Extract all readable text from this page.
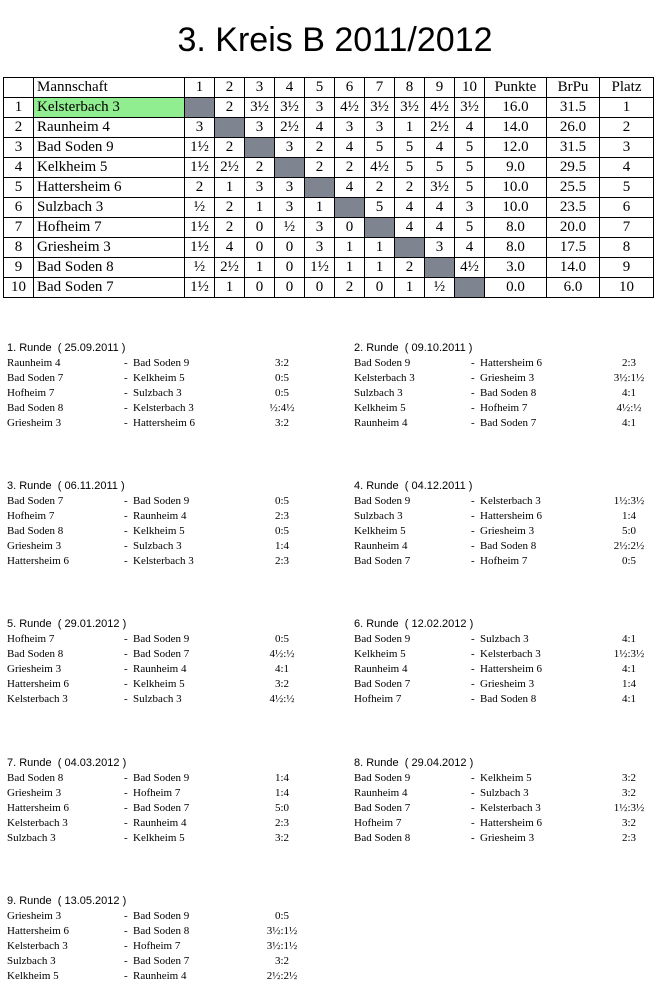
3. Kreis B 2011/2012
	Mannschaft	1	2	3	4	5	6	7	8	9	10	Punkte	BrPu	Platz
1	Kelsterbach 3		2	3½	3½	3	4½	3½	3½	4½	3½	16.0	31.5	1
2	Raunheim 4	3		3	2½	4	3	3	1	2½	4	14.0	26.0	2
3	Bad Soden 9	1½	2		3	2	4	5	5	4	5	12.0	31.5	3
4	Kelkheim 5	1½	2½	2		2	2	4½	5	5	5	9.0	29.5	4
5	Hattersheim 6	2	1	3	3		4	2	2	3½	5	10.0	25.5	5
6	Sulzbach 3	½	2	1	3	1		5	4	4	3	10.0	23.5	6
7	Hofheim 7	1½	2	0	½	3	0		4	4	5	8.0	20.0	7
8	Griesheim 3	1½	4	0	0	3	1	1		3	4	8.0	17.5	8
9	Bad Soden 8	½	2½	1	0	1½	1	1	2		4½	3.0	14.0	9
10	Bad Soden 7	1½	1	0	0	0	2	0	1	½		0.0	6.0	10
1. Runde  ( 25.09.2011 )
Raunheim 4	- Bad Soden 9	3:2
Bad Soden 7	- Kelkheim 5	0:5
Hofheim 7	- Sulzbach 3	0:5
Bad Soden 8	- Kelsterbach 3	½:4½
Griesheim 3	- Hattersheim 6	3:2
2. Runde  ( 09.10.2011 )
Bad Soden 9	- Hattersheim 6	2:3
Kelsterbach 3	- Griesheim 3	3½:1½
Sulzbach 3	- Bad Soden 8	4:1
Kelkheim 5	- Hofheim 7	4½:½
Raunheim 4	- Bad Soden 7	4:1
3. Runde  ( 06.11.2011 )
Bad Soden 7	- Bad Soden 9	0:5
Hofheim 7	- Raunheim 4	2:3
Bad Soden 8	- Kelkheim 5	0:5
Griesheim 3	- Sulzbach 3	1:4
Hattersheim 6	- Kelsterbach 3	2:3
4. Runde  ( 04.12.2011 )
Bad Soden 9	- Kelsterbach 3	1½:3½
Sulzbach 3	- Hattersheim 6	1:4
Kelkheim 5	- Griesheim 3	5:0
Raunheim 4	- Bad Soden 8	2½:2½
Bad Soden 7	- Hofheim 7	0:5
5. Runde  ( 29.01.2012 )
Hofheim 7	- Bad Soden 9	0:5
Bad Soden 8	- Bad Soden 7	4½:½
Griesheim 3	- Raunheim 4	4:1
Hattersheim 6	- Kelkheim 5	3:2
Kelsterbach 3	- Sulzbach 3	4½:½
6. Runde  ( 12.02.2012 )
Bad Soden 9	- Sulzbach 3	4:1
Kelkheim 5	- Kelsterbach 3	1½:3½
Raunheim 4	- Hattersheim 6	4:1
Bad Soden 7	- Griesheim 3	1:4
Hofheim 7	- Bad Soden 8	4:1
7. Runde  ( 04.03.2012 )
Bad Soden 8	- Bad Soden 9	1:4
Griesheim 3	- Hofheim 7	1:4
Hattersheim 6	- Bad Soden 7	5:0
Kelsterbach 3	- Raunheim 4	2:3
Sulzbach 3	- Kelkheim 5	3:2
8. Runde  ( 29.04.2012 )
Bad Soden 9	- Kelkheim 5	3:2
Raunheim 4	- Sulzbach 3	3:2
Bad Soden 7	- Kelsterbach 3	1½:3½
Hofheim 7	- Hattersheim 6	3:2
Bad Soden 8	- Griesheim 3	2:3
9. Runde  ( 13.05.2012 )
Griesheim 3	- Bad Soden 9	0:5
Hattersheim 6	- Bad Soden 8	3½:1½
Kelsterbach 3	- Hofheim 7	3½:1½
Sulzbach 3	- Bad Soden 7	3:2
Kelkheim 5	- Raunheim 4	2½:2½
